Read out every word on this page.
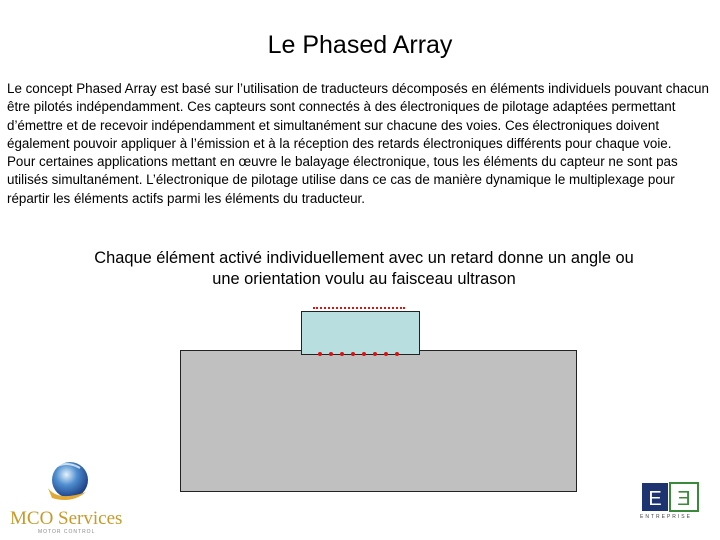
Le Phased Array

Le concept Phased Array est basé sur l’utilisation de traducteurs décomposés en éléments individuels pouvant chacun être pilotés indépendamment. Ces capteurs sont connectés à des électroniques de pilotage adaptées permettant d’émettre et de recevoir indépendamment et simultanément sur chacune des voies. Ces électroniques doivent également pouvoir appliquer à l’émission et à la réception des retards électroniques différents pour chaque voie.

Pour certaines applications mettant en œuvre le balayage électronique, tous les éléments du capteur ne sont pas utilisés simultanément. L’électronique de pilotage utilise dans ce cas de manière dynamique le multiplexage pour répartir les éléments actifs parmi les éléments du traducteur.

Chaque élément activé individuellement avec un retard donne un angle ou une orientation voulu au faisceau ultrason
MCO Services
MOTOR CONTROL
E E
ENTREPRISE
